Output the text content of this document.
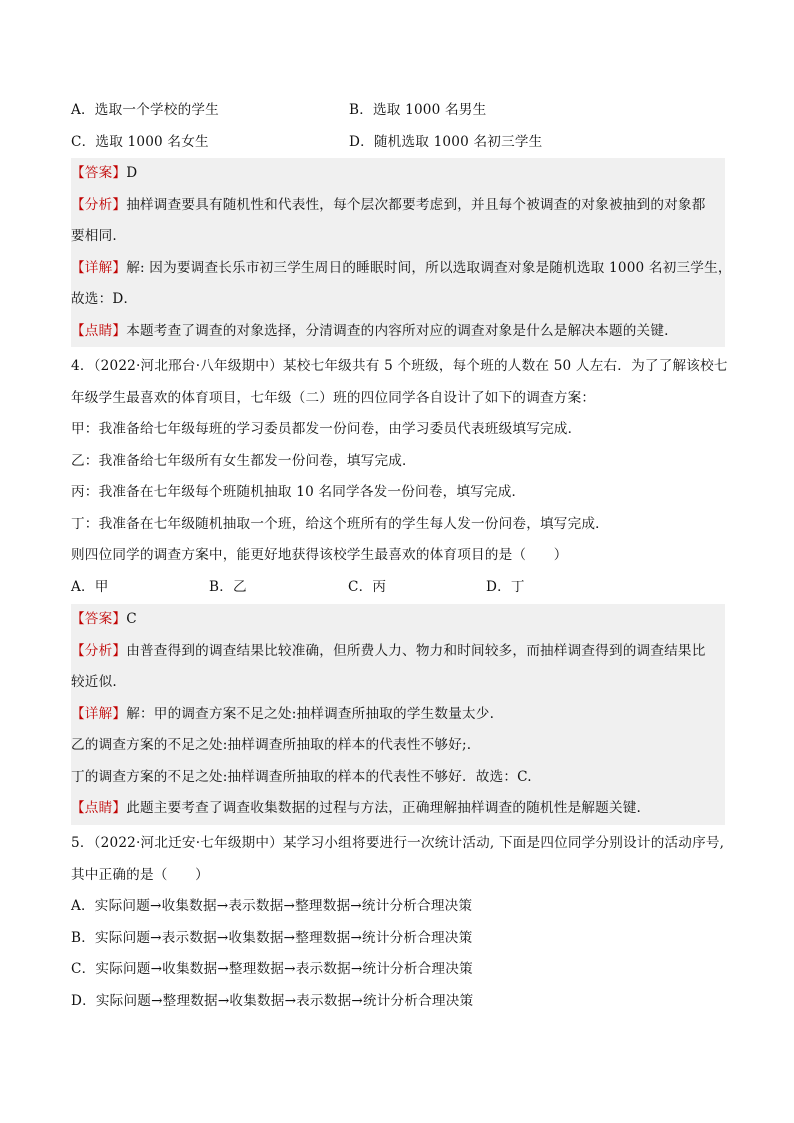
A．选取一个学校的学生	B．选取 1000 名男生
C．选取 1000 名女生	D．随机选取 1000 名初三学生
【答案】D
【分析】抽样调查要具有随机性和代表性，每个层次都要考虑到，并且每个被调查的对象被抽到的对象都
要相同.
【详解】解: 因为要调查长乐市初三学生周日的睡眠时间，所以选取调查对象是随机选取 1000 名初三学生，
故选：D．
【点睛】本题考查了调查的对象选择，分清调查的内容所对应的调查对象是什么是解决本题的关键.
4．（2022·河北邢台·八年级期中）某校七年级共有 5 个班级，每个班的人数在 50 人左右．为了了解该校七
年级学生最喜欢的体育项目，七年级（二）班的四位同学各自设计了如下的调查方案：
甲：我准备给七年级每班的学习委员都发一份问卷，由学习委员代表班级填写完成．
乙：我准备给七年级所有女生都发一份问卷，填写完成．
丙：我准备在七年级每个班随机抽取 10 名同学各发一份问卷，填写完成．
丁：我准备在七年级随机抽取一个班，给这个班所有的学生每人发一份问卷，填写完成．
则四位同学的调查方案中，能更好地获得该校学生最喜欢的体育项目的是（　　）
A．甲	B．乙	C．丙	D．丁
【答案】C
【分析】由普查得到的调查结果比较准确，但所费人力、物力和时间较多，而抽样调查得到的调查结果比
较近似.
【详解】解：甲的调查方案不足之处:抽样调查所抽取的学生数量太少.
乙的调查方案的不足之处:抽样调查所抽取的样本的代表性不够好;.
丁的调查方案的不足之处:抽样调查所抽取的样本的代表性不够好．故选：C.
【点睛】此题主要考查了调查收集数据的过程与方法，正确理解抽样调查的随机性是解题关键.
5．（2022·河北迁安·七年级期中）某学习小组将要进行一次统计活动, 下面是四位同学分别设计的活动序号,
其中正确的是（　　）
A．实际问题→收集数据→表示数据→整理数据→统计分析合理决策
B．实际问题→表示数据→收集数据→整理数据→统计分析合理决策
C．实际问题→收集数据→整理数据→表示数据→统计分析合理决策
D．实际问题→整理数据→收集数据→表示数据→统计分析合理决策
